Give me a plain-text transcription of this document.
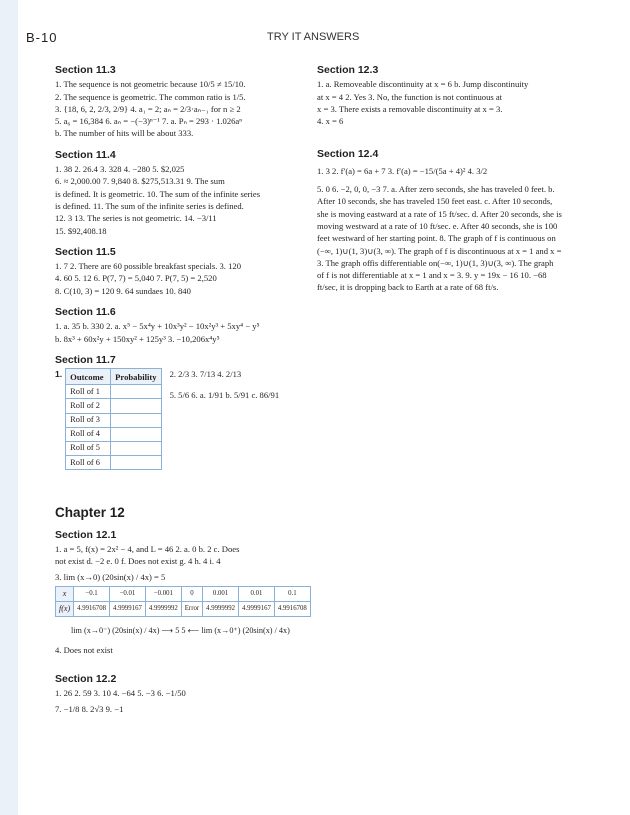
B-10	TRY IT ANSWERS
Section 11.3
1. The sequence is not geometric because 10/5 ≠ 15/10.
2. The sequence is geometric. The common ratio is 1/5.
3. {18, 6, 2, 2/3, 2/9} 4. a₁ = 2; aₙ = 2/3·aₙ₋₁ for n ≥ 2
5. a₆ = 16,384 6. aₙ = −(−3)ⁿ⁻¹ 7. a. Pₙ = 293 · 1.026aⁿ
b. The number of hits will be about 333.
Section 11.4
1. 38 2. 26.4 3. 328 4. −280 5. $2,025
6. ≈ 2,000.00 7. 9,840 8. $275,513.31 9. The sum
is defined. It is geometric. 10. The sum of the infinite series
is defined. 11. The sum of the infinite series is defined.
12. 3 13. The series is not geometric. 14. −3/11
15. $92,408.18
Section 11.5
1. 7 2. There are 60 possible breakfast specials. 3. 120
4. 60 5. 12 6. P(7, 7) = 5,040 7. P(7, 5) = 2,520
8. C(10, 3) = 120 9. 64 sundaes 10. 840
Section 11.6
1. a. 35 b. 330 2. a. x⁵ − 5x⁴y + 10x³y² − 10x²y³ + 5xy⁴ − y⁵
b. 8x³ + 60x²y + 150xy² + 125y³ 3. −10,206x⁴y⁵
Section 11.7
1. Outcome	Probability
Roll of 1	
Roll of 2	
Roll of 3	
Roll of 4	
Roll of 5	
Roll of 6	
2. 2/3 3. 7/13 4. 2/13
5. 5/6 6. a. 1/91 b. 5/91 c. 86/91
Chapter 12
Section 12.1
1. a = 5, f(x) = 2x² − 4, and L = 46 2. a. 0 b. 2 c. Does
not exist d. −2 e. 0 f. Does not exist g. 4 h. 4 i. 4
3. lim (x→0) (20sin(x) / 4x) = 5
x	−0.1	−0.01	−0.001	0	0.001	0.01	0.1
f(x)	4.9916708	4.9999167	4.9999992	Error	4.9999992	4.9999167	4.9916708
lim (x→0⁻) (20sin(x) / 4x) ⟶ 5 5 ⟵ lim (x→0⁺) (20sin(x) / 4x)
4. Does not exist
Section 12.2
1. 26 2. 59 3. 10 4. −64 5. −3 6. −1/50
7. −1/8 8. 2√3 9. −1
Section 12.3
1. a. Removeable discontinuity at x = 6 b. Jump discontinuity
at x = 4 2. Yes 3. No, the function is not continuous at
x = 3. There exists a removable discontinuity at x = 3.
4. x = 6
Section 12.4
1. 3 2. f′(a) = 6a + 7 3. f′(a) = −15/(5a + 4)² 4. 3/2
5. 0 6. −2, 0, 0, −3 7. a. After zero seconds, she has traveled 0 feet. b. After 10 seconds, she has traveled 150 feet east. c. After 10 seconds, she is moving eastward at a rate of 15 ft/sec. d. After 20 seconds, she is moving westward at a rate of 10 ft/sec. e. After 40 seconds, she is 100 feet westward of her starting point. 8. The graph of f is continuous on (−∞, 1)∪(1, 3)∪(3, ∞). The graph of f is discontinuous at x = 1 and x = 3. The graph offis differentiable on(−∞, 1)∪(1, 3)∪(3, ∞). The graph of f is not differentiable at x = 1 and x = 3. 9. y = 19x − 16 10. −68 ft/sec, it is dropping back to Earth at a rate of 68 ft/s.
